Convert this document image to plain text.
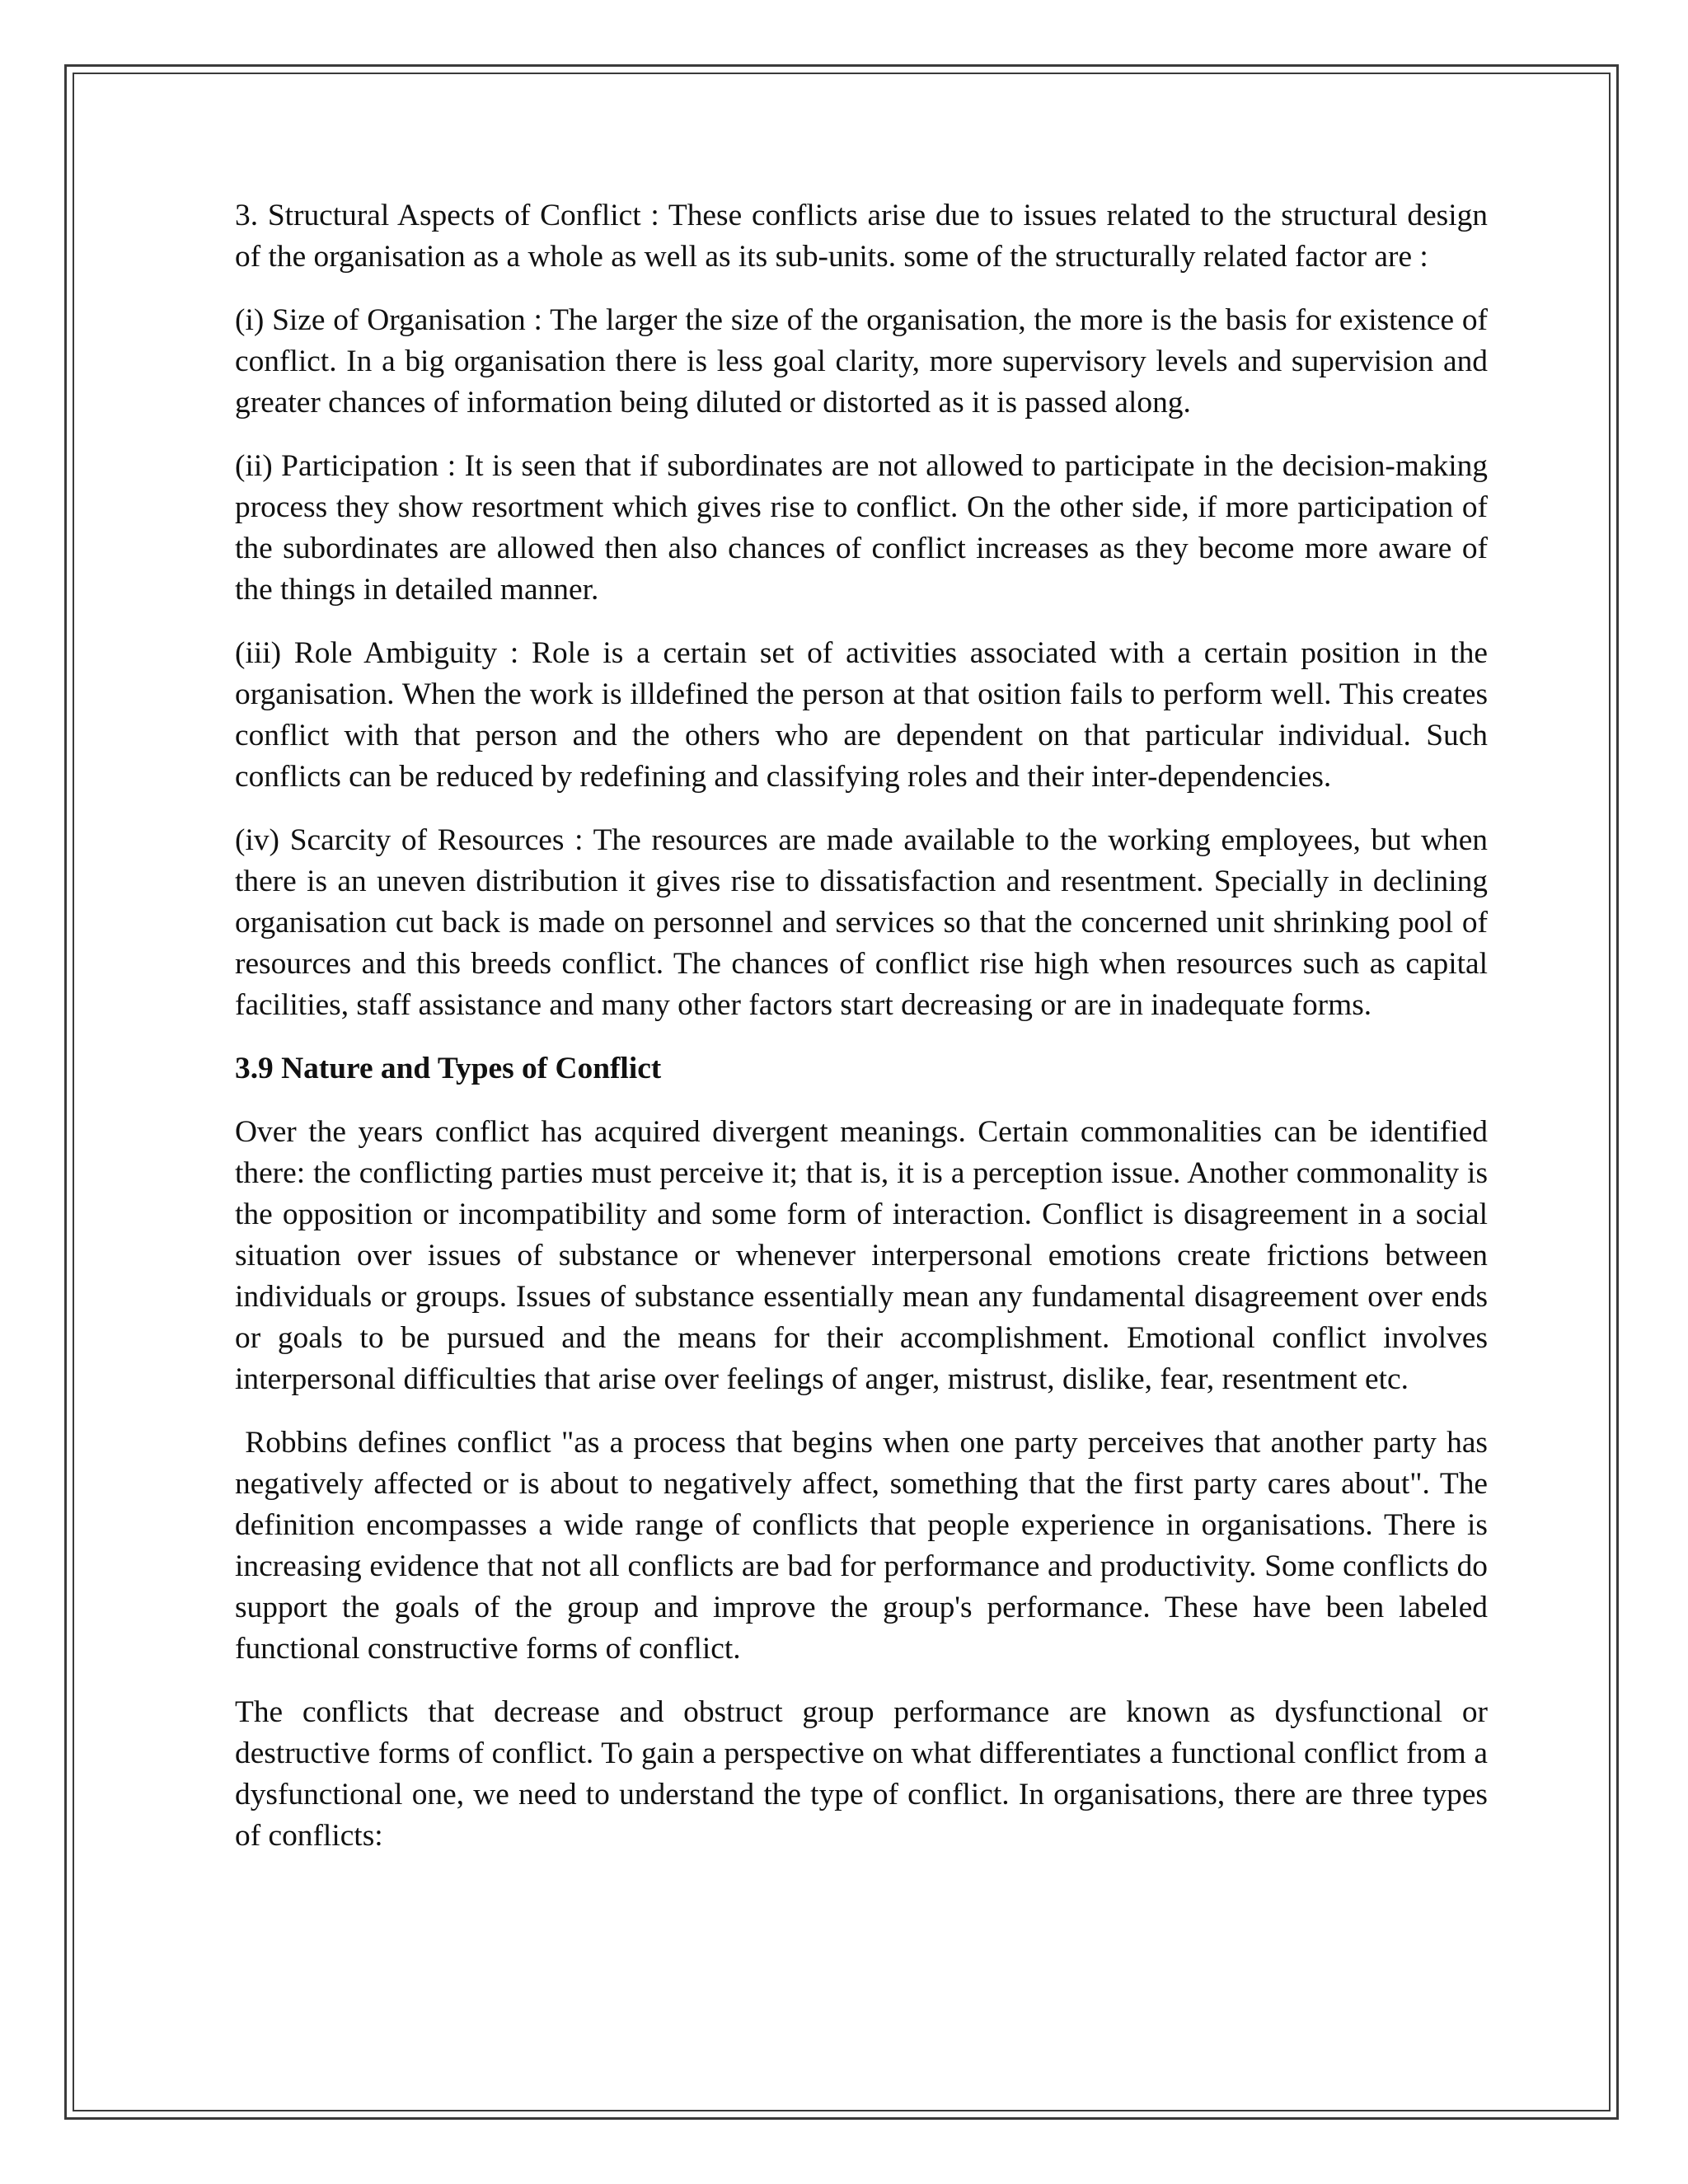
3. Structural Aspects of Conflict : These conflicts arise due to issues related to the structural design of the organisation as a whole as well as its sub-units. some of the structurally related factor are :

(i) Size of Organisation : The larger the size of the organisation, the more is the basis for existence of conflict. In a big organisation there is less goal clarity, more supervisory levels and supervision and greater chances of information being diluted or distorted as it is passed along.

(ii) Participation : It is seen that if subordinates are not allowed to participate in the decision-making process they show resortment which gives rise to conflict. On the other side, if more participation of the subordinates are allowed then also chances of conflict increases as they become more aware of the things in detailed manner.

(iii) Role Ambiguity : Role is a certain set of activities associated with a certain position in the organisation. When the work is illdefined the person at that osition fails to perform well. This creates conflict with that person and the others who are dependent on that particular individual. Such conflicts can be reduced by redefining and classifying roles and their inter-dependencies.

(iv) Scarcity of Resources : The resources are made available to the working employees, but when there is an uneven distribution it gives rise to dissatisfaction and resentment. Specially in declining organisation cut back is made on personnel and services so that the concerned unit shrinking pool of resources and this breeds conflict. The chances of conflict rise high when resources such as capital facilities, staff assistance and many other factors start decreasing or are in inadequate forms.

3.9 Nature and Types of Conflict

Over the years conflict has acquired divergent meanings. Certain commonalities can be identified there: the conflicting parties must perceive it; that is, it is a perception issue. Another commonality is the opposition or incompatibility and some form of interaction. Conflict is disagreement in a social situation over issues of substance or whenever interpersonal emotions create frictions between individuals or groups. Issues of substance essentially mean any fundamental disagreement over ends or goals to be pursued and the means for their accomplishment. Emotional conflict involves interpersonal difficulties that arise over feelings of anger, mistrust, dislike, fear, resentment etc.

Robbins defines conflict "as a process that begins when one party perceives that another party has negatively affected or is about to negatively affect, something that the first party cares about". The definition encompasses a wide range of conflicts that people experience in organisations. There is increasing evidence that not all conflicts are bad for performance and productivity. Some conflicts do support the goals of the group and improve the group's performance. These have been labeled functional constructive forms of conflict.

The conflicts that decrease and obstruct group performance are known as dysfunctional or destructive forms of conflict. To gain a perspective on what differentiates a functional conflict from a dysfunctional one, we need to understand the type of conflict. In organisations, there are three types of conflicts:
